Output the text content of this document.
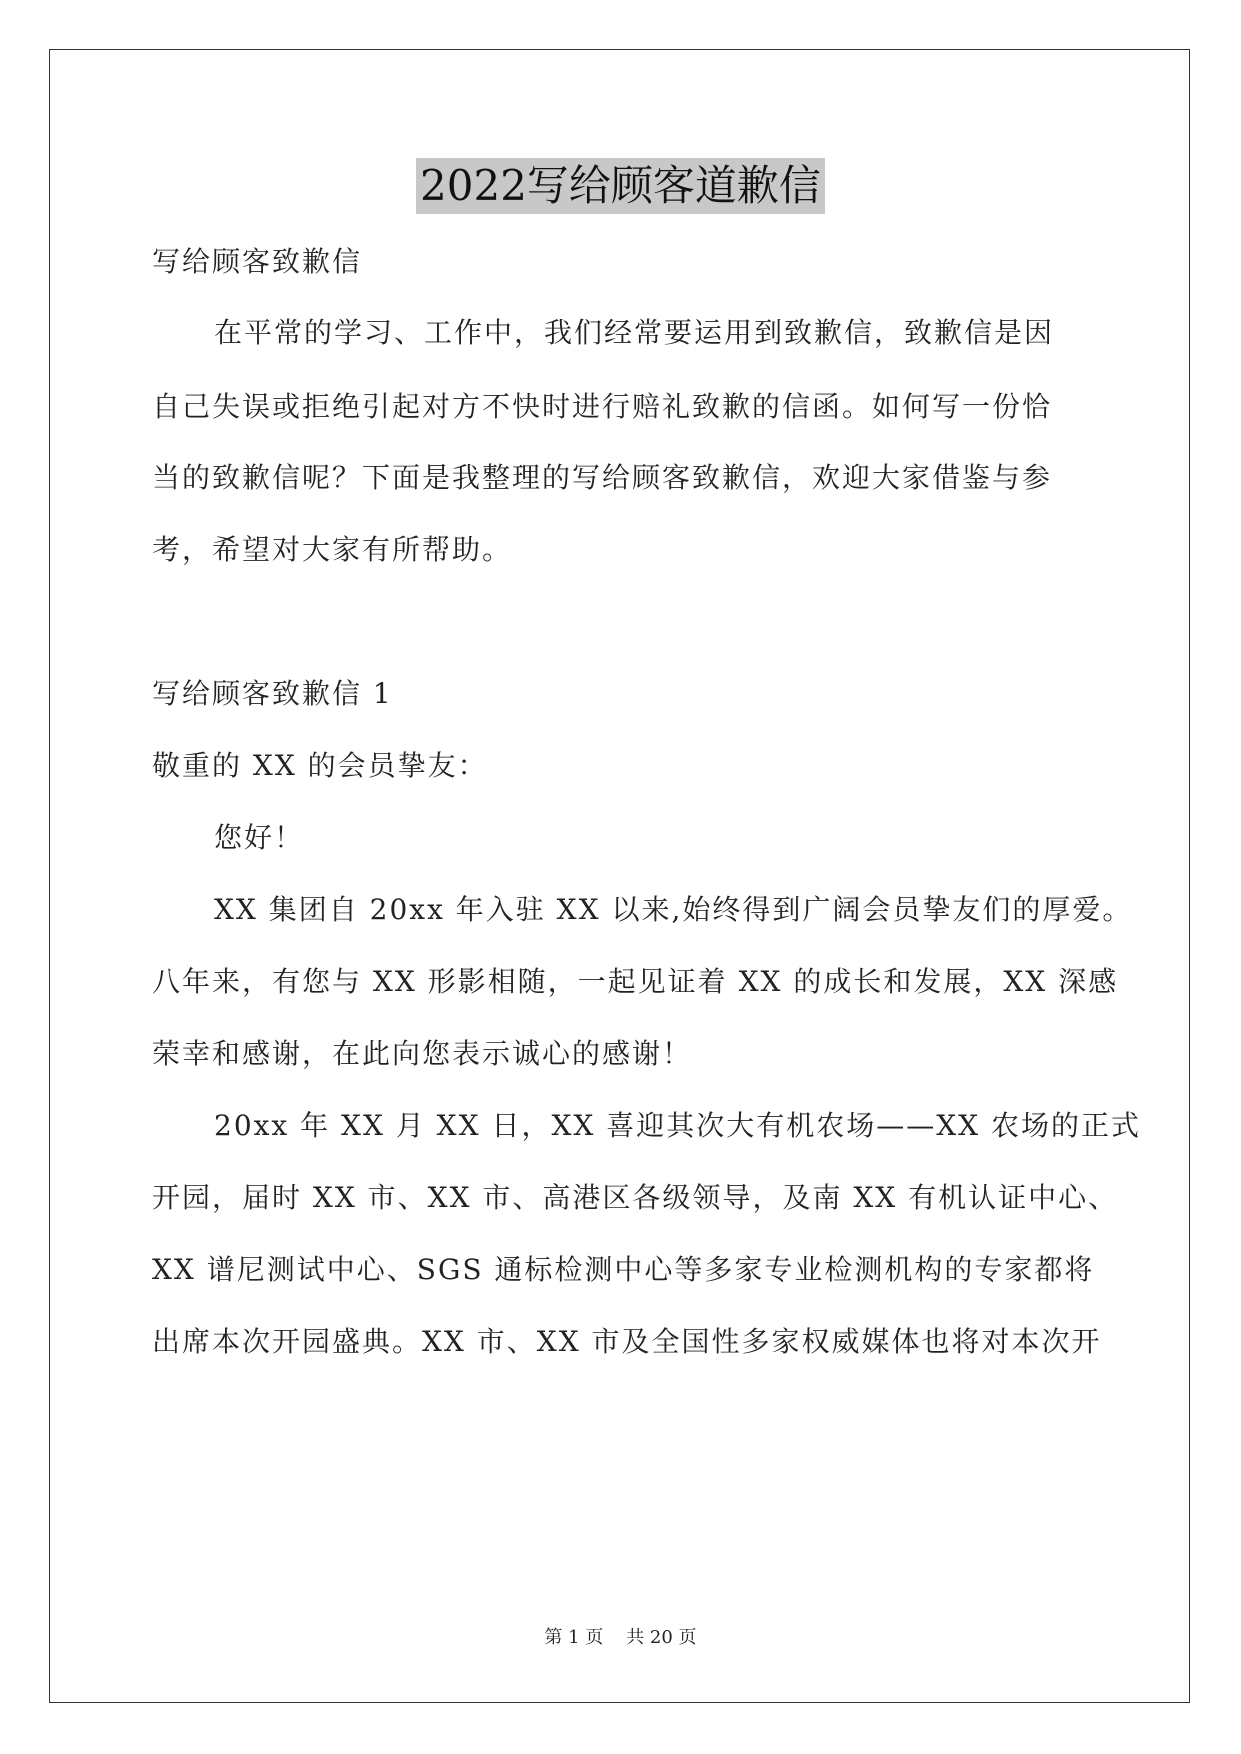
2022写给顾客道歉信
写给顾客致歉信
在平常的学习、工作中，我们经常要运用到致歉信，致歉信是因
自己失误或拒绝引起对方不快时进行赔礼致歉的信函。如何写一份恰
当的致歉信呢？下面是我整理的写给顾客致歉信，欢迎大家借鉴与参
考，希望对大家有所帮助。
写给顾客致歉信 1
敬重的 XX 的会员挚友：
您好！
XX 集团自 20xx 年入驻 XX 以来,始终得到广阔会员挚友们的厚爱。
八年来，有您与 XX 形影相随，一起见证着 XX 的成长和发展，XX 深感
荣幸和感谢，在此向您表示诚心的感谢！
20xx 年 XX 月 XX 日，XX 喜迎其次大有机农场——XX 农场的正式
开园，届时 XX 市、XX 市、高港区各级领导，及南 XX 有机认证中心、
XX 谱尼测试中心、SGS 通标检测中心等多家专业检测机构的专家都将
出席本次开园盛典。XX 市、XX 市及全国性多家权威媒体也将对本次开
第 1 页    共 20 页
